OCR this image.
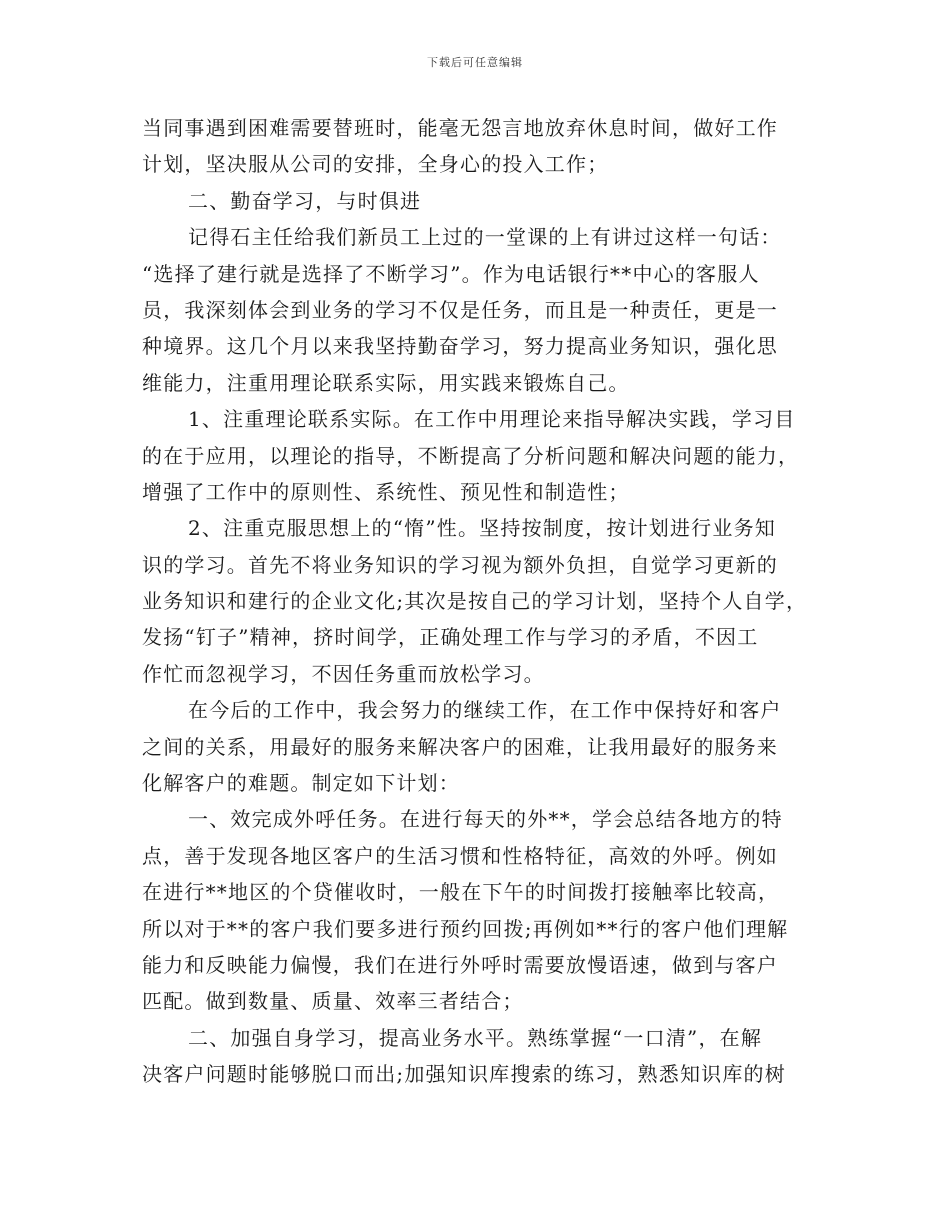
下载后可任意编辑
当同事遇到困难需要替班时，能毫无怨言地放弃休息时间，做好工作
计划，坚决服从公司的安排，全身心的投入工作；
二、勤奋学习，与时俱进
记得石主任给我们新员工上过的一堂课的上有讲过这样一句话：
“选择了建行就是选择了不断学习”。作为电话银行**中心的客服人
员，我深刻体会到业务的学习不仅是任务，而且是一种责任，更是一
种境界。这几个月以来我坚持勤奋学习，努力提高业务知识，强化思
维能力，注重用理论联系实际，用实践来锻炼自己。
1、注重理论联系实际。在工作中用理论来指导解决实践，学习目
的在于应用，以理论的指导，不断提高了分析问题和解决问题的能力，
增强了工作中的原则性、系统性、预见性和制造性；
2、注重克服思想上的“惰”性。坚持按制度，按计划进行业务知
识的学习。首先不将业务知识的学习视为额外负担，自觉学习更新的
业务知识和建行的企业文化;其次是按自己的学习计划，坚持个人自学，
发扬“钉子”精神，挤时间学，正确处理工作与学习的矛盾，不因工
作忙而忽视学习，不因任务重而放松学习。
在今后的工作中，我会努力的继续工作，在工作中保持好和客户
之间的关系，用最好的服务来解决客户的困难，让我用最好的服务来
化解客户的难题。制定如下计划：
一、效完成外呼任务。在进行每天的外**，学会总结各地方的特
点，善于发现各地区客户的生活习惯和性格特征，高效的外呼。例如
在进行**地区的个贷催收时，一般在下午的时间拨打接触率比较高，
所以对于**的客户我们要多进行预约回拨;再例如**行的客户他们理解
能力和反映能力偏慢，我们在进行外呼时需要放慢语速，做到与客户
匹配。做到数量、质量、效率三者结合；
二、加强自身学习，提高业务水平。熟练掌握“一口清”，在解
决客户问题时能够脱口而出;加强知识库搜索的练习，熟悉知识库的树
